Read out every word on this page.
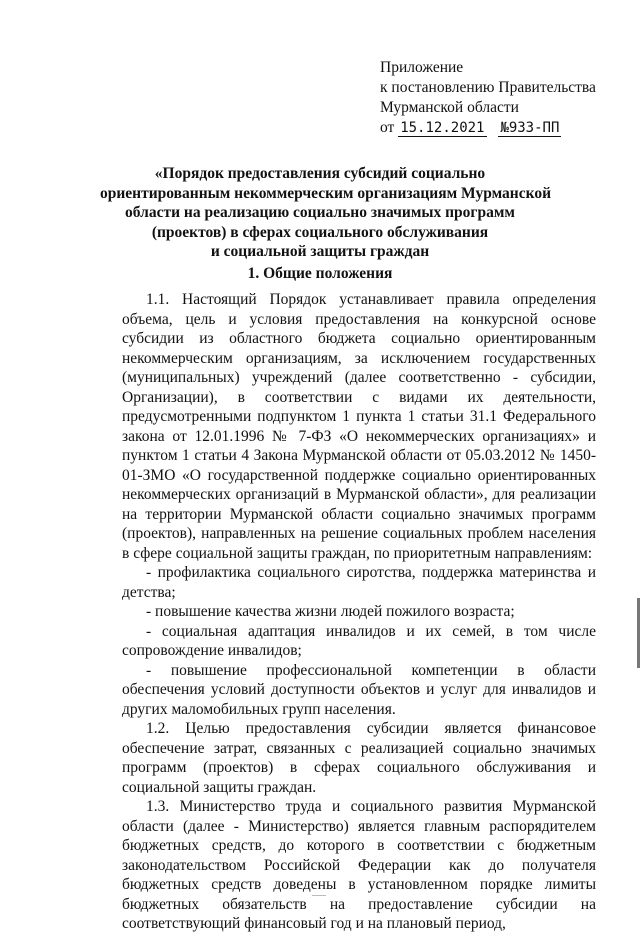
Приложение
к постановлению Правительства
Мурманской области
от 15.12.2021 №933-ПП
«Порядок предоставления субсидий социально
ориентированным некоммерческим организациям Мурманской
области на реализацию социально значимых программ
(проектов) в сферах социального обслуживания
и социальной защиты граждан
1. Общие положения

1.1. Настоящий Порядок устанавливает правила определения объема, цель и условия предоставления на конкурсной основе субсидии из областного бюджета социально ориентированным некоммерческим организациям, за исключением государственных (муниципальных) учреждений (далее соответственно - субсидии, Организации), в соответствии с видами их деятельности, предусмотренными подпунктом 1 пункта 1 статьи 31.1 Федерального закона от 12.01.1996 № 7-ФЗ «О некоммерческих организациях» и пунктом 1 статьи 4 Закона Мурманской области от 05.03.2012 № 1450-01-ЗМО «О государственной поддержке социально ориентированных некоммерческих организаций в Мурманской области», для реализации на территории Мурманской области социально значимых программ (проектов), направленных на решение социальных проблем населения в сфере социальной защиты граждан, по приоритетным направлениям:

- профилактика социального сиротства, поддержка материнства и детства;

- повышение качества жизни людей пожилого возраста;

- социальная адаптация инвалидов и их семей, в том числе сопровождение инвалидов;

- повышение профессиональной компетенции в области обеспечения условий доступности объектов и услуг для инвалидов и других маломобильных групп населения.

1.2. Целью предоставления субсидии является финансовое обеспечение затрат, связанных с реализацией социально значимых программ (проектов) в сферах социального обслуживания и социальной защиты граждан.

1.3. Министерство труда и социального развития Мурманской области (далее - Министерство) является главным распорядителем бюджетных средств, до которого в соответствии с бюджетным законодательством Российской Федерации как до получателя бюджетных средств доведены в установленном порядке лимиты бюджетных обязательств на предоставление субсидии на соответствующий финансовый год и на плановый период,
